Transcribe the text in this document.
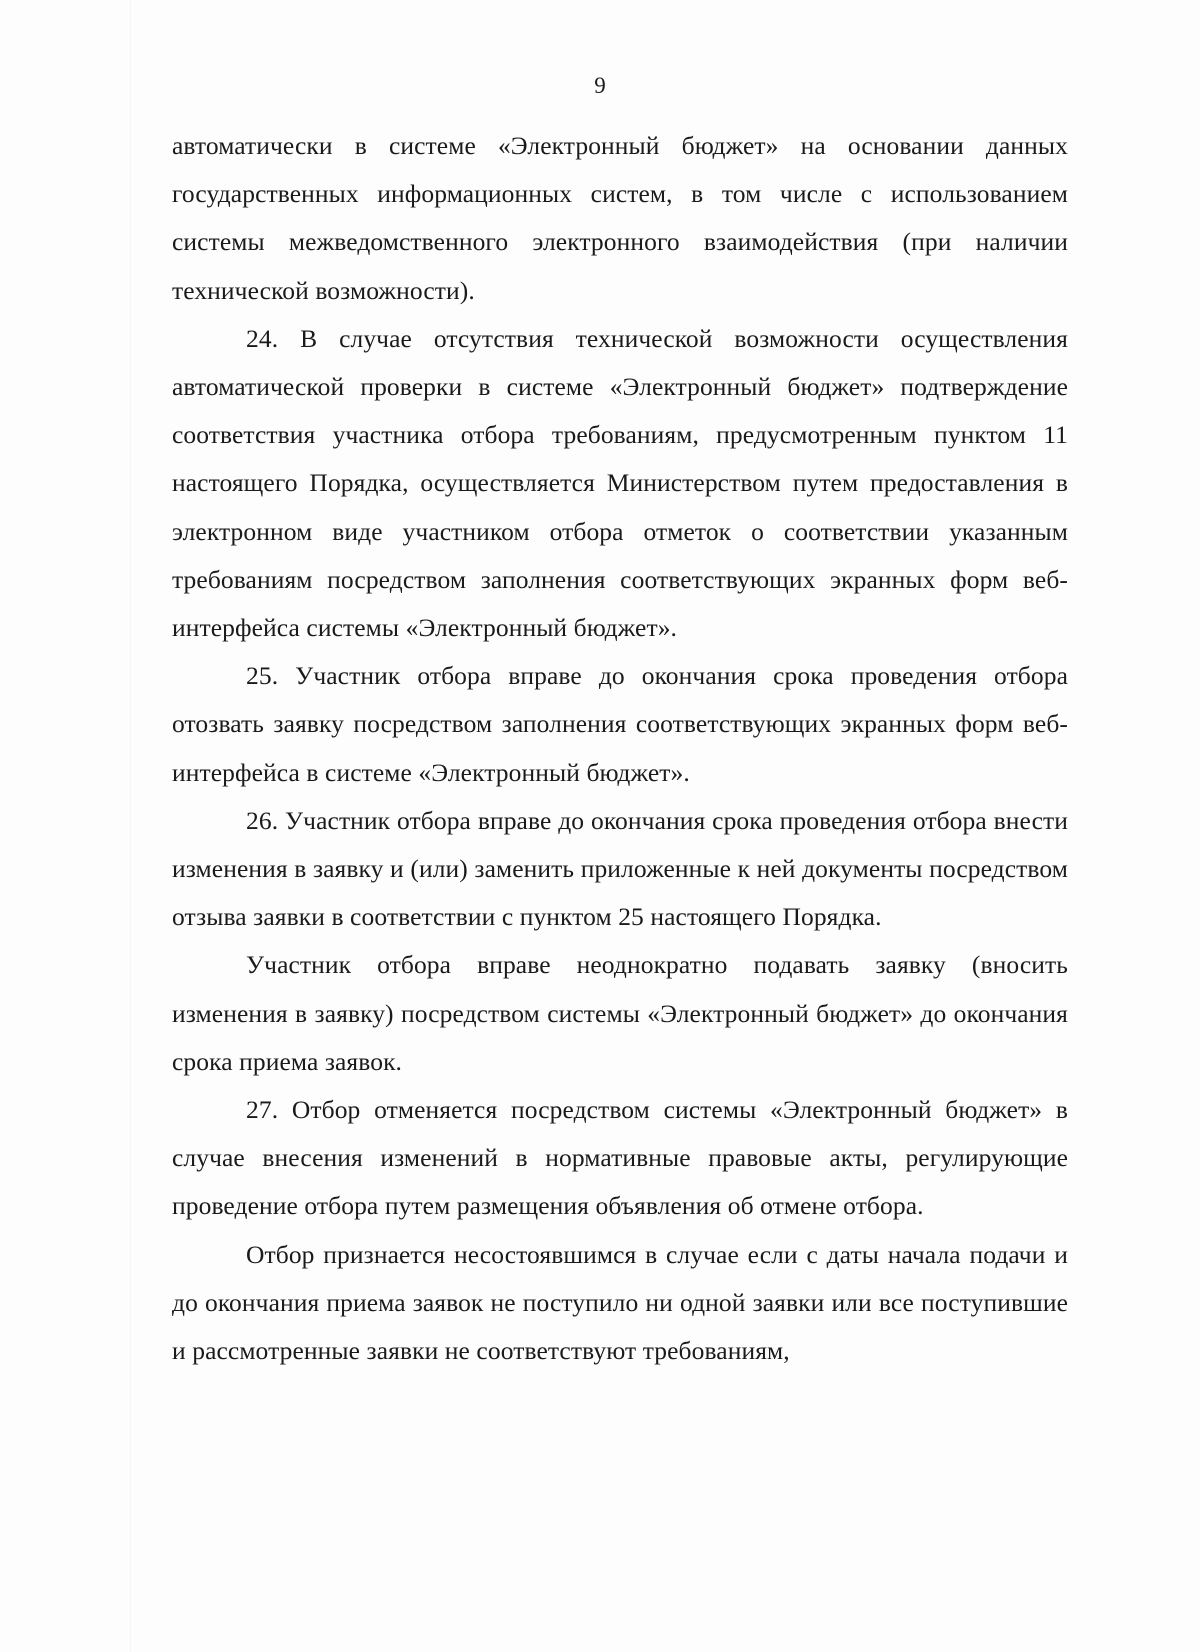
9

автоматически в системе «Электронный бюджет» на основании данных государственных информационных систем, в том числе с использованием системы межведомственного электронного взаимодействия (при наличии технической возможности).

24. В случае отсутствия технической возможности осуществления автоматической проверки в системе «Электронный бюджет» подтверждение соответствия участника отбора требованиям, предусмотренным пунктом 11 настоящего Порядка, осуществляется Министерством путем предоставления в электронном виде участником отбора отметок о соответствии указанным требованиям посредством заполнения соответствующих экранных форм веб-интерфейса системы «Электронный бюджет».

25. Участник отбора вправе до окончания срока проведения отбора отозвать заявку посредством заполнения соответствующих экранных форм веб-интерфейса в системе «Электронный бюджет».

26. Участник отбора вправе до окончания срока проведения отбора внести изменения в заявку и (или) заменить приложенные к ней документы посредством отзыва заявки в соответствии с пунктом 25 настоящего Порядка.

Участник отбора вправе неоднократно подавать заявку (вносить изменения в заявку) посредством системы «Электронный бюджет» до окончания срока приема заявок.

27. Отбор отменяется посредством системы «Электронный бюджет» в случае внесения изменений в нормативные правовые акты, регулирующие проведение отбора путем размещения объявления об отмене отбора.

Отбор признается несостоявшимся в случае если с даты начала подачи и до окончания приема заявок не поступило ни одной заявки или все поступившие и рассмотренные заявки не соответствуют требованиям,
